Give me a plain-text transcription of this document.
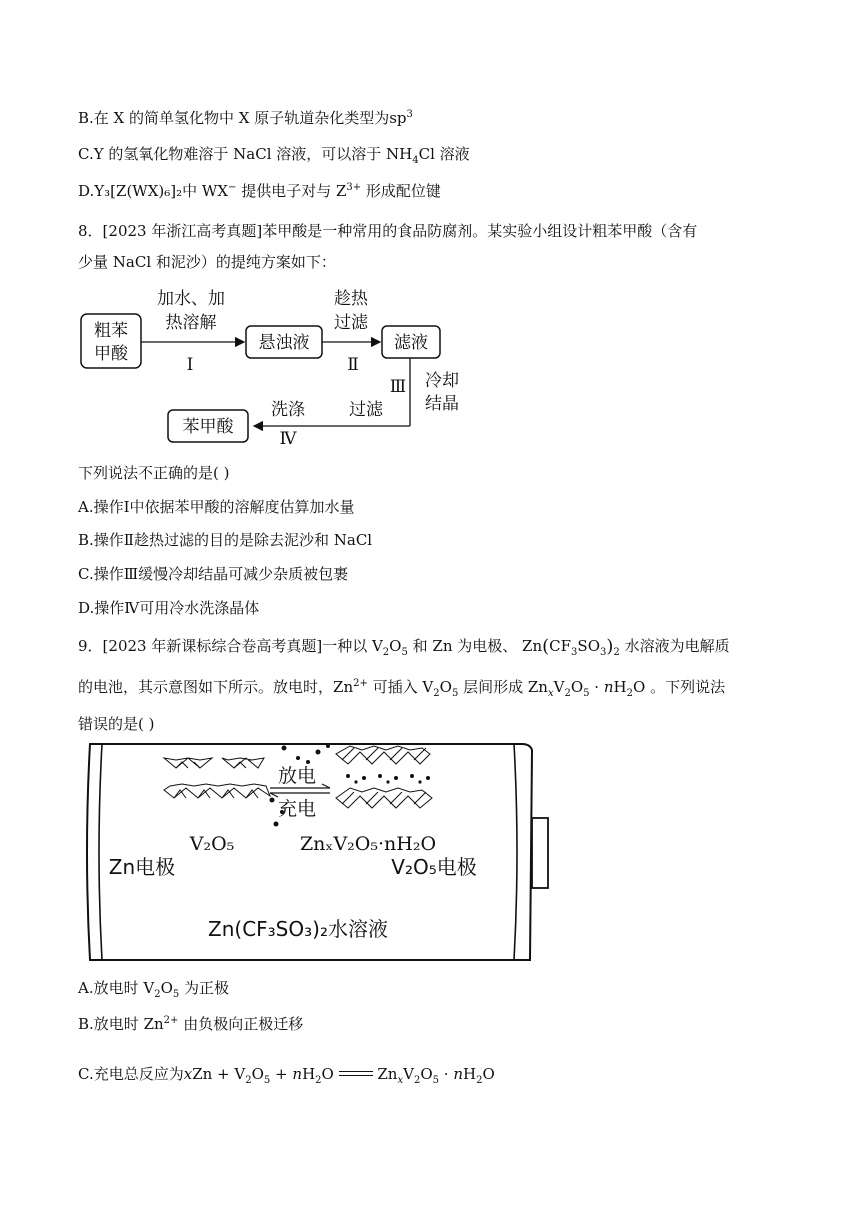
B.在 X 的简单氢化物中 X 原子轨道杂化类型为$sp^3$
C.Y 的氢氧化物难溶于 NaCl 溶液，可以溶于 $NH_4Cl$ 溶液
D.Y₃[Z(WX)₆]₂中 WX− 提供电子对与 $Z^{3+}$ 形成配位键
8．[2023 年浙江高考真题]苯甲酸是一种常用的食品防腐剂。某实验小组设计粗苯甲酸（含有
少量 NaCl 和泥沙）的提纯方案如下：
粗苯
甲酸
加水、加
热溶解
Ⅰ
悬浊液
趁热
过滤
Ⅱ
滤液
Ⅲ 冷却
结晶
洗涤	过滤
Ⅳ
苯甲酸
下列说法不正确的是( )
A.操作Ⅰ中依据苯甲酸的溶解度估算加水量
B.操作Ⅱ趁热过滤的目的是除去泥沙和 NaCl
C.操作Ⅲ缓慢冷却结晶可减少杂质被包裹
D.操作Ⅳ可用冷水洗涤晶体
9．[2023 年新课标综合卷高考真题]一种以 $V_2O_5$ 和 Zn 为电极、 $Zn(CF_3SO_3)_2$ 水溶液为电解质
的电池，其示意图如下所示。放电时，$Zn^{2+}$ 可插入 $V_2O_5$ 层间形成 $Zn_xV_2O_5 \cdot nH_2O$ 。下列说法
错误的是( )
放电
充电
V₂O₅	ZnₓV₂O₅·nH₂O
Zn电极	V₂O₅电极
Zn(CF₃SO₃)₂水溶液
A.放电时 $V_2O_5$ 为正极
B.放电时 $Zn^{2+}$ 由负极向正极迁移
C.充电总反应为xZn + $V_2O_5 + nH_2O$  $Zn_xV_2O_5 \cdot nH_2O$
